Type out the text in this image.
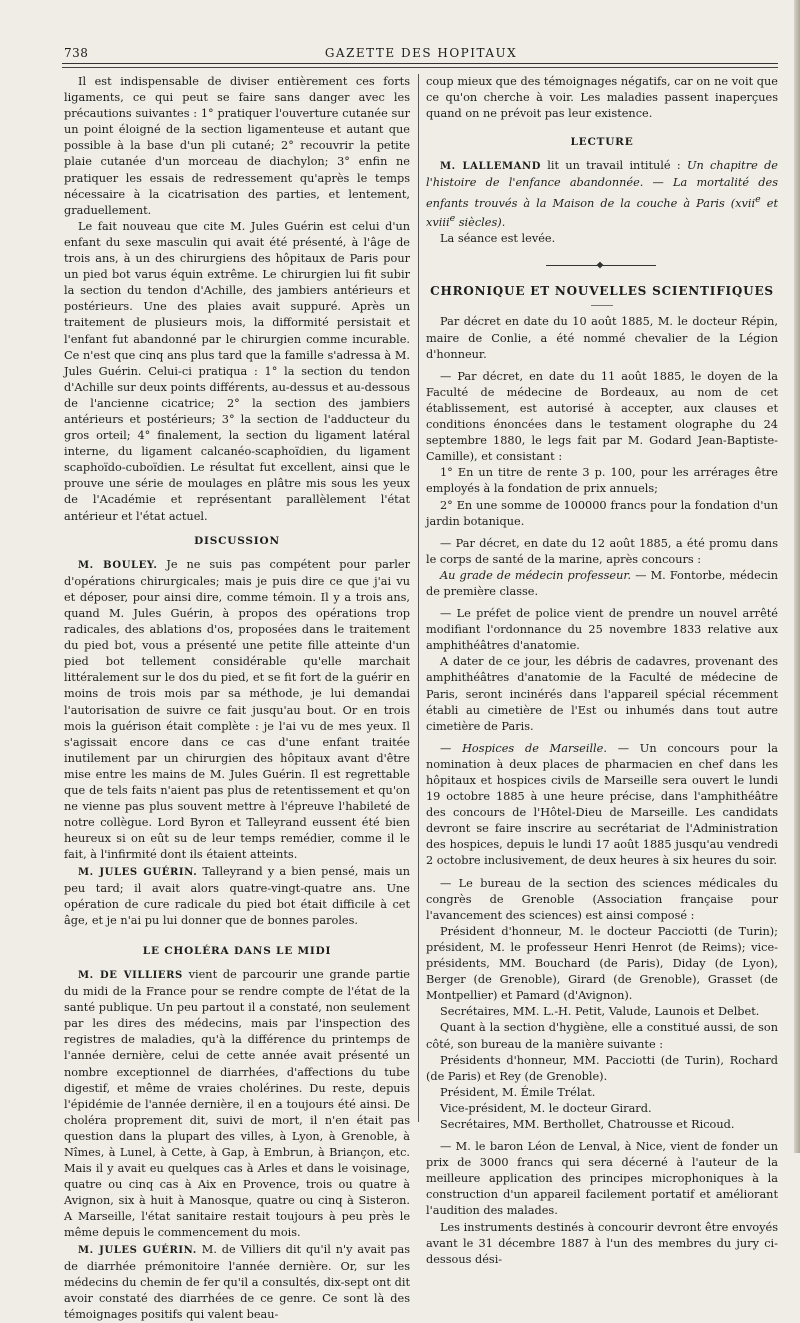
738	GAZETTE DES HOPITAUX

Il est indispensable de diviser entièrement ces forts ligaments, ce qui peut se faire sans danger avec les précautions suivantes : 1° pratiquer l'ouverture cutanée sur un point éloigné de la section ligamenteuse et autant que possible à la base d'un pli cutané; 2° recouvrir la petite plaie cutanée d'un morceau de diachylon; 3° enfin ne pratiquer les essais de redressement qu'après le temps nécessaire à la cicatrisation des parties, et lentement, graduellement.

Le fait nouveau que cite M. Jules Guérin est celui d'un enfant du sexe masculin qui avait été présenté, à l'âge de trois ans, à un des chirurgiens des hôpitaux de Paris pour un pied bot varus équin extrême. Le chirurgien lui fit subir la section du tendon d'Achille, des jambiers antérieurs et postérieurs. Une des plaies avait suppuré. Après un traitement de plusieurs mois, la difformité persistait et l'enfant fut abandonné par le chirurgien comme incurable. Ce n'est que cinq ans plus tard que la famille s'adressa à M. Jules Guérin. Celui-ci pratiqua : 1° la section du tendon d'Achille sur deux points différents, au-dessus et au-dessous de l'ancienne cicatrice; 2° la section des jambiers antérieurs et postérieurs; 3° la section de l'adducteur du gros orteil; 4° finalement, la section du ligament latéral interne, du ligament calcanéo-scaphoïdien, du ligament scaphoïdo-cuboïdien. Le résultat fut excellent, ainsi que le prouve une série de moulages en plâtre mis sous les yeux de l'Académie et représentant parallèlement l'état antérieur et l'état actuel.

DISCUSSION

M. BOULEY. Je ne suis pas compétent pour parler d'opérations chirurgicales; mais je puis dire ce que j'ai vu et déposer, pour ainsi dire, comme témoin. Il y a trois ans, quand M. Jules Guérin, à propos des opérations trop radicales, des ablations d'os, proposées dans le traitement du pied bot, vous a présenté une petite fille atteinte d'un pied bot tellement considérable qu'elle marchait littéralement sur le dos du pied, et se fit fort de la guérir en moins de trois mois par sa méthode, je lui demandai l'autorisation de suivre ce fait jusqu'au bout. Or en trois mois la guérison était complète : je l'ai vu de mes yeux. Il s'agissait encore dans ce cas d'une enfant traitée inutilement par un chirurgien des hôpitaux avant d'être mise entre les mains de M. Jules Guérin. Il est regrettable que de tels faits n'aient pas plus de retentissement et qu'on ne vienne pas plus souvent mettre à l'épreuve l'habileté de notre collègue. Lord Byron et Talleyrand eussent été bien heureux si on eût su de leur temps remédier, comme il le fait, à l'infirmité dont ils étaient atteints.

M. JULES GUÉRIN. Talleyrand y a bien pensé, mais un peu tard; il avait alors quatre-vingt-quatre ans. Une opération de cure radicale du pied bot était difficile à cet âge, et je n'ai pu lui donner que de bonnes paroles.

LE CHOLÉRA DANS LE MIDI

M. DE VILLIERS vient de parcourir une grande partie du midi de la France pour se rendre compte de l'état de la santé publique. Un peu partout il a constaté, non seulement par les dires des médecins, mais par l'inspection des registres de maladies, qu'à la différence du printemps de l'année dernière, celui de cette année avait présenté un nombre exceptionnel de diarrhées, d'affections du tube digestif, et même de vraies cholérines. Du reste, depuis l'épidémie de l'année dernière, il en a toujours été ainsi. De choléra proprement dit, suivi de mort, il n'en était pas question dans la plupart des villes, à Lyon, à Grenoble, à Nîmes, à Lunel, à Cette, à Gap, à Embrun, à Briançon, etc. Mais il y avait eu quelques cas à Arles et dans le voisinage, quatre ou cinq cas à Aix en Provence, trois ou quatre à Avignon, six à huit à Manosque, quatre ou cinq à Sisteron. A Marseille, l'état sanitaire restait toujours à peu près le même depuis le commencement du mois.

M. JULES GUÉRIN. M. de Villiers dit qu'il n'y avait pas de diarrhée prémonitoire l'année dernière. Or, sur les médecins du chemin de fer qu'il a consultés, dix-sept ont dit avoir constaté des diarrhées de ce genre. Ce sont là des témoignages positifs qui valent beau-

coup mieux que des témoignages négatifs, car on ne voit que ce qu'on cherche à voir. Les maladies passent inaperçues quand on ne prévoit pas leur existence.

LECTURE

M. LALLEMAND lit un travail intitulé : Un chapitre de l'histoire de l'enfance abandonnée. — La mortalité des enfants trouvés à la Maison de la couche à Paris (xvii$^e$ et xviii$^e$ siècles).

La séance est levée.

CHRONIQUE ET NOUVELLES SCIENTIFIQUES

Par décret en date du 10 août 1885, M. le docteur Répin, maire de Conlie, a été nommé chevalier de la Légion d'honneur.

— Par décret, en date du 11 août 1885, le doyen de la Faculté de médecine de Bordeaux, au nom de cet établissement, est autorisé à accepter, aux clauses et conditions énoncées dans le testament olographe du 24 septembre 1880, le legs fait par M. Godard Jean-Baptiste-Camille), et consistant :

1° En un titre de rente 3 p. 100, pour les arrérages être employés à la fondation de prix annuels;

2° En une somme de 100000 francs pour la fondation d'un jardin botanique.

— Par décret, en date du 12 août 1885, a été promu dans le corps de santé de la marine, après concours :

Au grade de médecin professeur. — M. Fontorbe, médecin de première classe.

— Le préfet de police vient de prendre un nouvel arrêté modifiant l'ordonnance du 25 novembre 1833 relative aux amphithéâtres d'anatomie.

A dater de ce jour, les débris de cadavres, provenant des amphithéâtres d'anatomie de la Faculté de médecine de Paris, seront incinérés dans l'appareil spécial récemment établi au cimetière de l'Est ou inhumés dans tout autre cimetière de Paris.

— Hospices de Marseille. — Un concours pour la nomination à deux places de pharmacien en chef dans les hôpitaux et hospices civils de Marseille sera ouvert le lundi 19 octobre 1885 à une heure précise, dans l'amphithéâtre des concours de l'Hôtel-Dieu de Marseille. Les candidats devront se faire inscrire au secrétariat de l'Administration des hospices, depuis le lundi 17 août 1885 jusqu'au vendredi 2 octobre inclusivement, de deux heures à six heures du soir.

— Le bureau de la section des sciences médicales du congrès de Grenoble (Association française pour l'avancement des sciences) est ainsi composé :

Président d'honneur, M. le docteur Pacciotti (de Turin); président, M. le professeur Henri Henrot (de Reims); vice-présidents, MM. Bouchard (de Paris), Diday (de Lyon), Berger (de Grenoble), Girard (de Grenoble), Grasset (de Montpellier) et Pamard (d'Avignon).

Secrétaires, MM. L.-H. Petit, Valude, Launois et Delbet.

Quant à la section d'hygiène, elle a constitué aussi, de son côté, son bureau de la manière suivante :

Présidents d'honneur, MM. Pacciotti (de Turin), Rochard (de Paris) et Rey (de Grenoble).

Président, M. Émile Trélat.

Vice-président, M. le docteur Girard.

Secrétaires, MM. Berthollet, Chatrousse et Ricoud.

— M. le baron Léon de Lenval, à Nice, vient de fonder un prix de 3000 francs qui sera décerné à l'auteur de la meilleure application des principes microphoniques à la construction d'un appareil facilement portatif et améliorant l'audition des malades.

Les instruments destinés à concourir devront être envoyés avant le 31 décembre 1887 à l'un des membres du jury ci-dessous dési-
